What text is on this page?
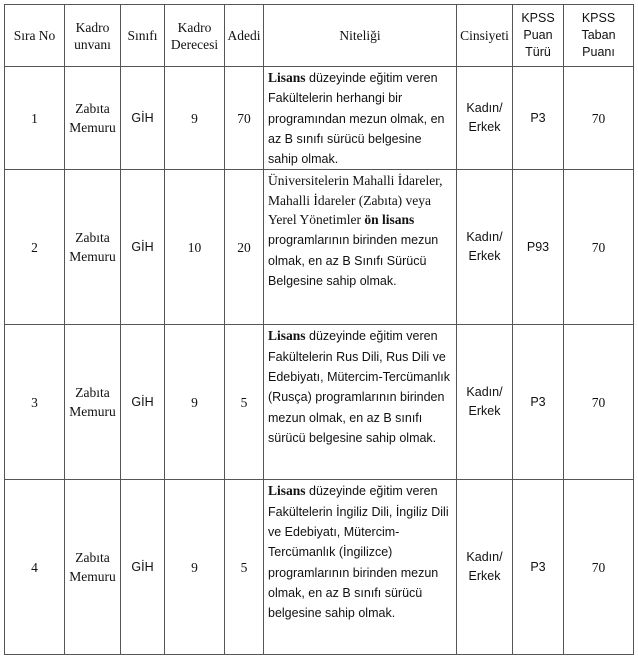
Sıra No	Kadro unvanı	Sınıfı	Kadro Derecesi	Adedi	Niteliği	Cinsiyeti	KPSS Puan Türü	KPSS Taban Puanı
1	Zabıta Memuru	GİH	9	70	Lisans düzeyinde eğitim veren Fakültelerin herhangi bir programından mezun olmak, en az B sınıfı sürücü belgesine sahip olmak.	Kadın/ Erkek	P3	70
2	Zabıta Memuru	GİH	10	20	Üniversitelerin Mahalli İdareler, Mahalli İdareler (Zabıta) veya Yerel Yönetimler ön lisans programlarının birinden mezun olmak, en az B Sınıfı Sürücü Belgesine sahip olmak.	Kadın/ Erkek	P93	70
3	Zabıta Memuru	GİH	9	5	Lisans düzeyinde eğitim veren Fakültelerin Rus Dili, Rus Dili ve Edebiyatı, Mütercim-Tercümanlık (Rusça) programlarının birinden mezun olmak, en az B sınıfı sürücü belgesine sahip olmak.	Kadın/ Erkek	P3	70
4	Zabıta Memuru	GİH	9	5	Lisans düzeyinde eğitim veren Fakültelerin İngiliz Dili, İngiliz Dili ve Edebiyatı, Mütercim-Tercümanlık (İngilizce) programlarının birinden mezun olmak, en az B sınıfı sürücü belgesine sahip olmak.	Kadın/ Erkek	P3	70
